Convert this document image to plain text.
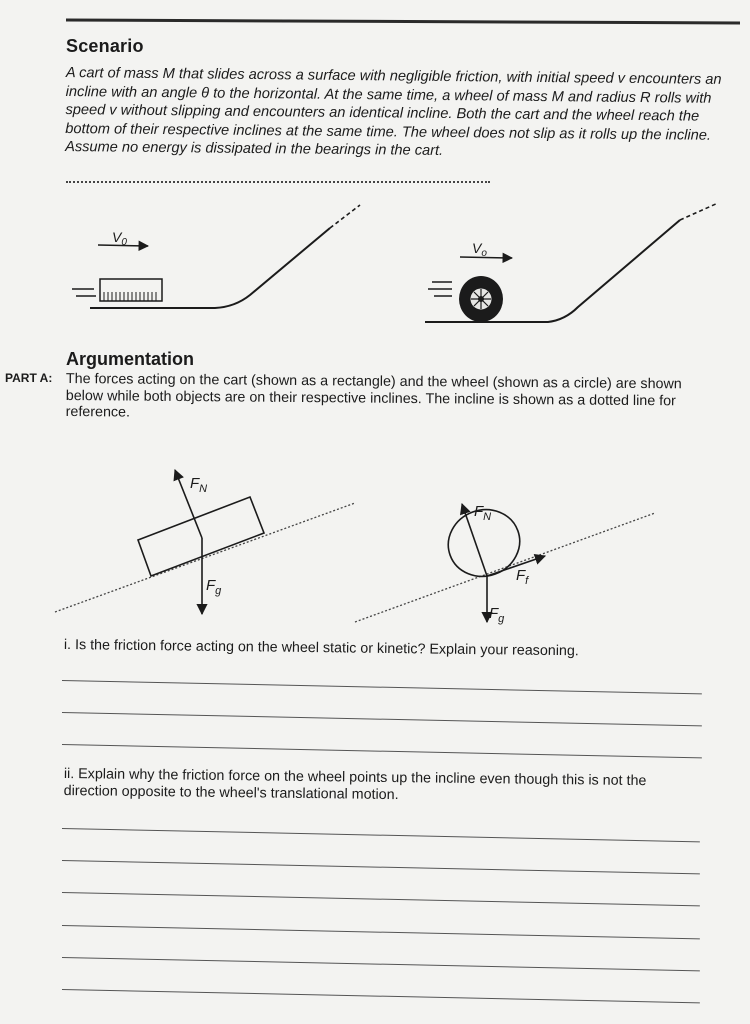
Scenario
A cart of mass M that slides across a surface with negligible friction, with initial speed v encounters an incline with an angle θ to the horizontal. At the same time, a wheel of mass M and radius R rolls with speed v without slipping and encounters an identical incline. Both the cart and the wheel reach the bottom of their respective inclines at the same time. The wheel does not slip as it rolls up the incline. Assume no energy is dissipated in the bearings in the cart.
$V_0$	$V_o$
$F_N$
$F_g$
$F_N$
$F_f$
$F_g$
Argumentation
PART A: The forces acting on the cart (shown as a rectangle) and the wheel (shown as a circle) are shown below while both objects are on their respective inclines. The incline is shown as a dotted line for reference.
i. Is the friction force acting on the wheel static or kinetic? Explain your reasoning.
ii. Explain why the friction force on the wheel points up the incline even though this is not the direction opposite to the wheel's translational motion.
